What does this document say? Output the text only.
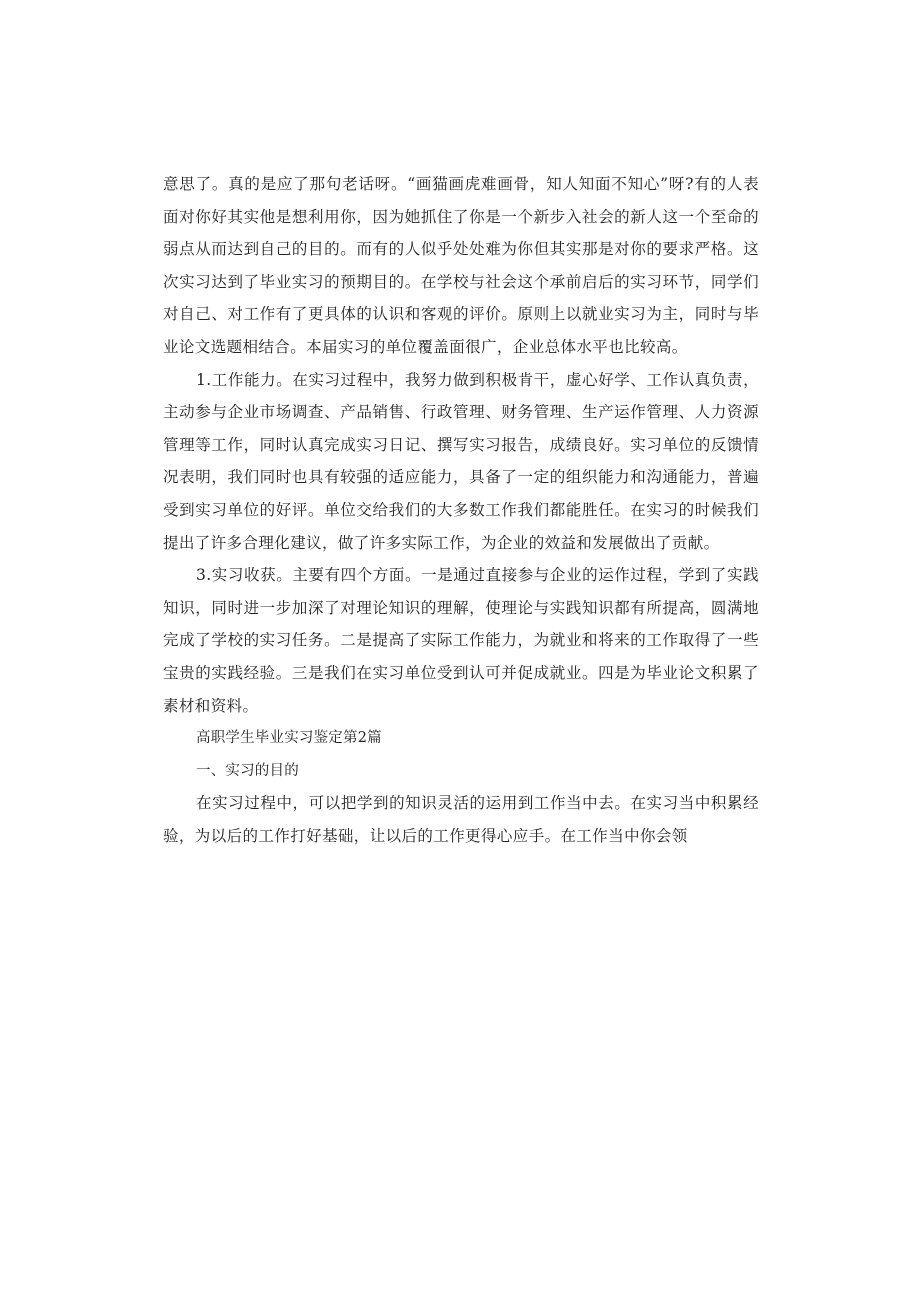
意思了。真的是应了那句老话呀。“画猫画虎难画骨，知人知面不知心”呀?有的人表面对你好其实他是想利用你，因为她抓住了你是一个新步入社会的新人这一个至命的弱点从而达到自己的目的。而有的人似乎处处难为你但其实那是对你的要求严格。这次实习达到了毕业实习的预期目的。在学校与社会这个承前启后的实习环节，同学们对自己、对工作有了更具体的认识和客观的评价。原则上以就业实习为主，同时与毕业论文选题相结合。本届实习的单位覆盖面很广，企业总体水平也比较高。

1.工作能力。在实习过程中，我努力做到积极肯干，虚心好学、工作认真负责，主动参与企业市场调查、产品销售、行政管理、财务管理、生产运作管理、人力资源管理等工作，同时认真完成实习日记、撰写实习报告，成绩良好。实习单位的反馈情况表明，我们同时也具有较强的适应能力，具备了一定的组织能力和沟通能力，普遍受到实习单位的好评。单位交给我们的大多数工作我们都能胜任。在实习的时候我们提出了许多合理化建议，做了许多实际工作，为企业的效益和发展做出了贡献。

3.实习收获。主要有四个方面。一是通过直接参与企业的运作过程，学到了实践知识，同时进一步加深了对理论知识的理解，使理论与实践知识都有所提高，圆满地完成了学校的实习任务。二是提高了实际工作能力，为就业和将来的工作取得了一些宝贵的实践经验。三是我们在实习单位受到认可并促成就业。四是为毕业论文积累了素材和资料。

高职学生毕业实习鉴定第2篇

一、实习的目的

在实习过程中，可以把学到的知识灵活的运用到工作当中去。在实习当中积累经验，为以后的工作打好基础，让以后的工作更得心应手。在工作当中你会领
